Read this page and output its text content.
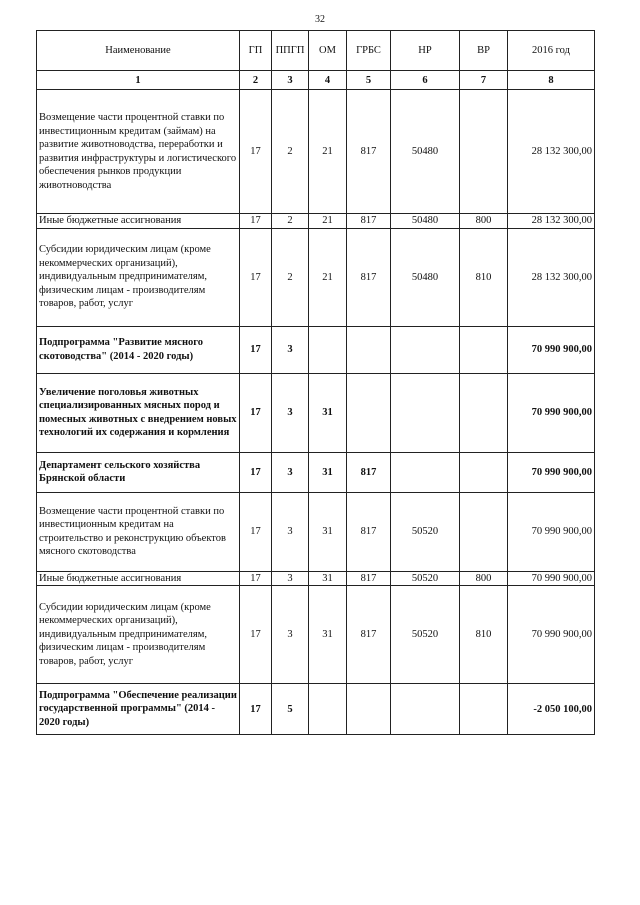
32
Наименование	ГП	ППГП	ОМ	ГРБС	НР	ВР	2016 год
1	2	3	4	5	6	7	8
Возмещение части процентной ставки по инвестиционным кредитам (займам) на развитие животноводства, переработки и развития инфраструктуры и логистического обеспечения рынков продукции животноводства	17	2	21	817	50480		28 132 300,00
Иные бюджетные ассигнования	17	2	21	817	50480	800	28 132 300,00
Субсидии юридическим лицам (кроме некоммерческих организаций), индивидуальным предпринимателям, физическим лицам - производителям товаров, работ, услуг	17	2	21	817	50480	810	28 132 300,00
Подпрограмма "Развитие мясного скотоводства" (2014 - 2020 годы)	17	3					70 990 900,00
Увеличение поголовья животных специализированных мясных пород и помесных животных с внедрением новых технологий их содержания и кормления	17	3	31				70 990 900,00
Департамент сельского хозяйства Брянской области	17	3	31	817			70 990 900,00
Возмещение части процентной ставки по инвестиционным кредитам на строительство и реконструкцию объектов мясного скотоводства	17	3	31	817	50520		70 990 900,00
Иные бюджетные ассигнования	17	3	31	817	50520	800	70 990 900,00
Субсидии юридическим лицам (кроме некоммерческих организаций), индивидуальным предпринимателям, физическим лицам - производителям товаров, работ, услуг	17	3	31	817	50520	810	70 990 900,00
Подпрограмма "Обеспечение реализации государственной программы" (2014 - 2020 годы)	17	5					-2 050 100,00
